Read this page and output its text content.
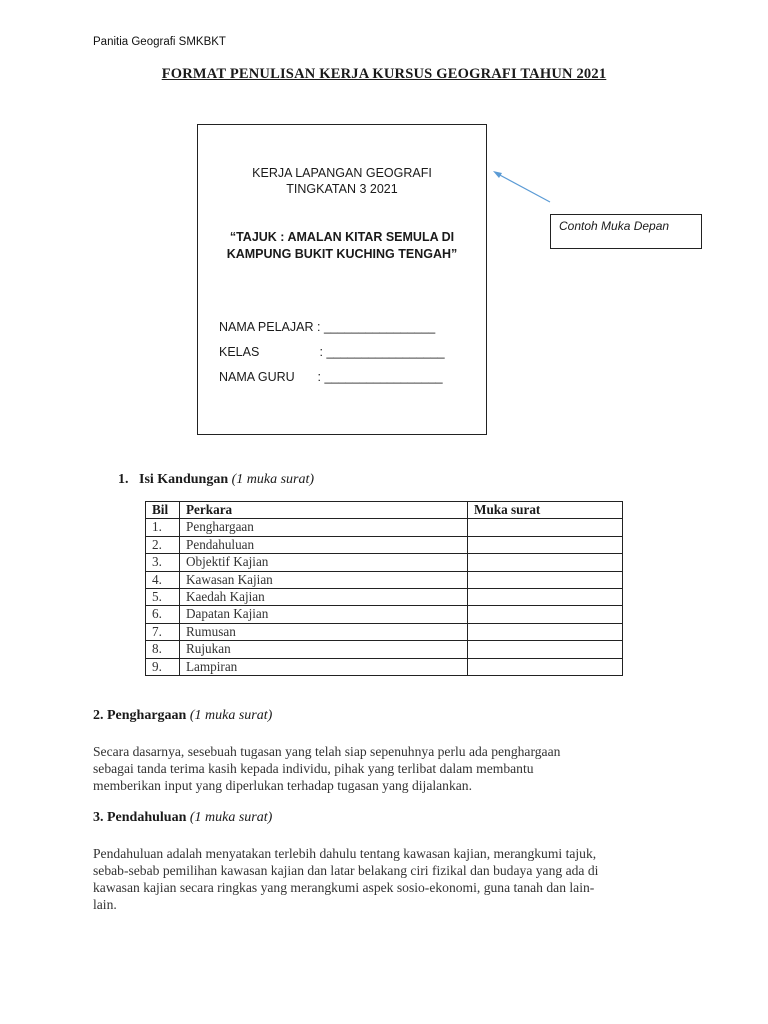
Panitia Geografi SMKBKT
FORMAT PENULISAN KERJA KURSUS GEOGRAFI TAHUN 2021
KERJA LAPANGAN GEOGRAFI
TINGKATAN 3 2021
“TAJUK : AMALAN KITAR SEMULA DI
KAMPUNG BUKIT KUCHING TENGAH”
NAMA PELAJAR : ________________
KELAS	: _________________
NAMA GURU : _________________
Contoh Muka Depan
1. Isi Kandungan (1 muka surat)
Bil	Perkara	Muka surat
1.	Penghargaan	
2.	Pendahuluan	
3.	Objektif Kajian	
4.	Kawasan Kajian	
5.	Kaedah Kajian	
6.	Dapatan Kajian	
7.	Rumusan	
8.	Rujukan	
9.	Lampiran	
2. Penghargaan (1 muka surat)
Secara dasarnya, sesebuah tugasan yang telah siap sepenuhnya perlu ada penghargaan
sebagai tanda terima kasih kepada individu, pihak yang terlibat dalam membantu
memberikan input yang diperlukan terhadap tugasan yang dijalankan.
3. Pendahuluan (1 muka surat)
Pendahuluan adalah menyatakan terlebih dahulu tentang kawasan kajian, merangkumi tajuk,
sebab-sebab pemilihan kawasan kajian dan latar belakang ciri fizikal dan budaya yang ada di
kawasan kajian secara ringkas yang merangkumi aspek sosio-ekonomi, guna tanah dan lain-
lain.
